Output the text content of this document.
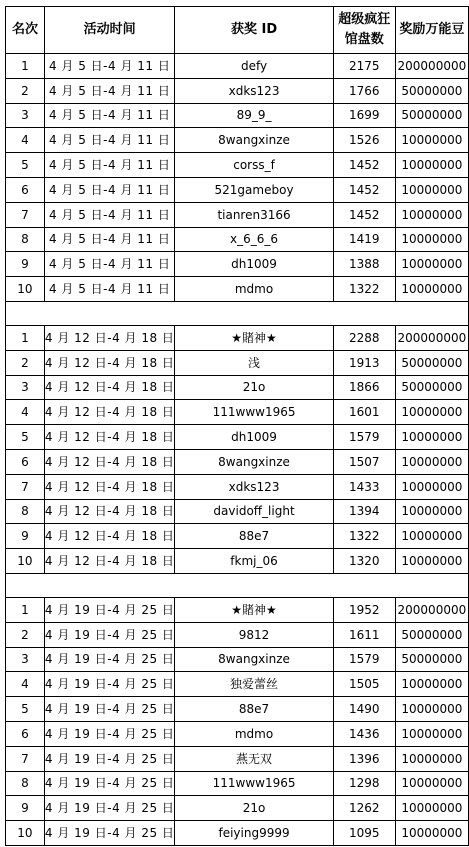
名次	活动时间	获奖 ID	超级疯狂馆盘数	奖励万能豆
1	4 月 5 日-4 月 11 日	defy	2175	200000000
2	4 月 5 日-4 月 11 日	xdks123	1766	50000000
3	4 月 5 日-4 月 11 日	89_9_	1699	50000000
4	4 月 5 日-4 月 11 日	8wangxinze	1526	10000000
5	4 月 5 日-4 月 11 日	corss_f	1452	10000000
6	4 月 5 日-4 月 11 日	521gameboy	1452	10000000
7	4 月 5 日-4 月 11 日	tianren3166	1452	10000000
8	4 月 5 日-4 月 11 日	x_6_6_6	1419	10000000
9	4 月 5 日-4 月 11 日	dh1009	1388	10000000
10	4 月 5 日-4 月 11 日	mdmo	1322	10000000

1	4 月 12 日-4 月 18 日	★賭神★	2288	200000000
2	4 月 12 日-4 月 18 日	浅	1913	50000000
3	4 月 12 日-4 月 18 日	21o	1866	50000000
4	4 月 12 日-4 月 18 日	111www1965	1601	10000000
5	4 月 12 日-4 月 18 日	dh1009	1579	10000000
6	4 月 12 日-4 月 18 日	8wangxinze	1507	10000000
7	4 月 12 日-4 月 18 日	xdks123	1433	10000000
8	4 月 12 日-4 月 18 日	davidoff_light	1394	10000000
9	4 月 12 日-4 月 18 日	88e7	1322	10000000
10	4 月 12 日-4 月 18 日	fkmj_06	1320	10000000

1	4 月 19 日-4 月 25 日	★賭神★	1952	200000000
2	4 月 19 日-4 月 25 日	9812	1611	50000000
3	4 月 19 日-4 月 25 日	8wangxinze	1579	50000000
4	4 月 19 日-4 月 25 日	独爱蕾丝	1505	10000000
5	4 月 19 日-4 月 25 日	88e7	1490	10000000
6	4 月 19 日-4 月 25 日	mdmo	1436	10000000
7	4 月 19 日-4 月 25 日	燕无双	1396	10000000
8	4 月 19 日-4 月 25 日	111www1965	1298	10000000
9	4 月 19 日-4 月 25 日	21o	1262	10000000
10	4 月 19 日-4 月 25 日	feiying9999	1095	10000000
